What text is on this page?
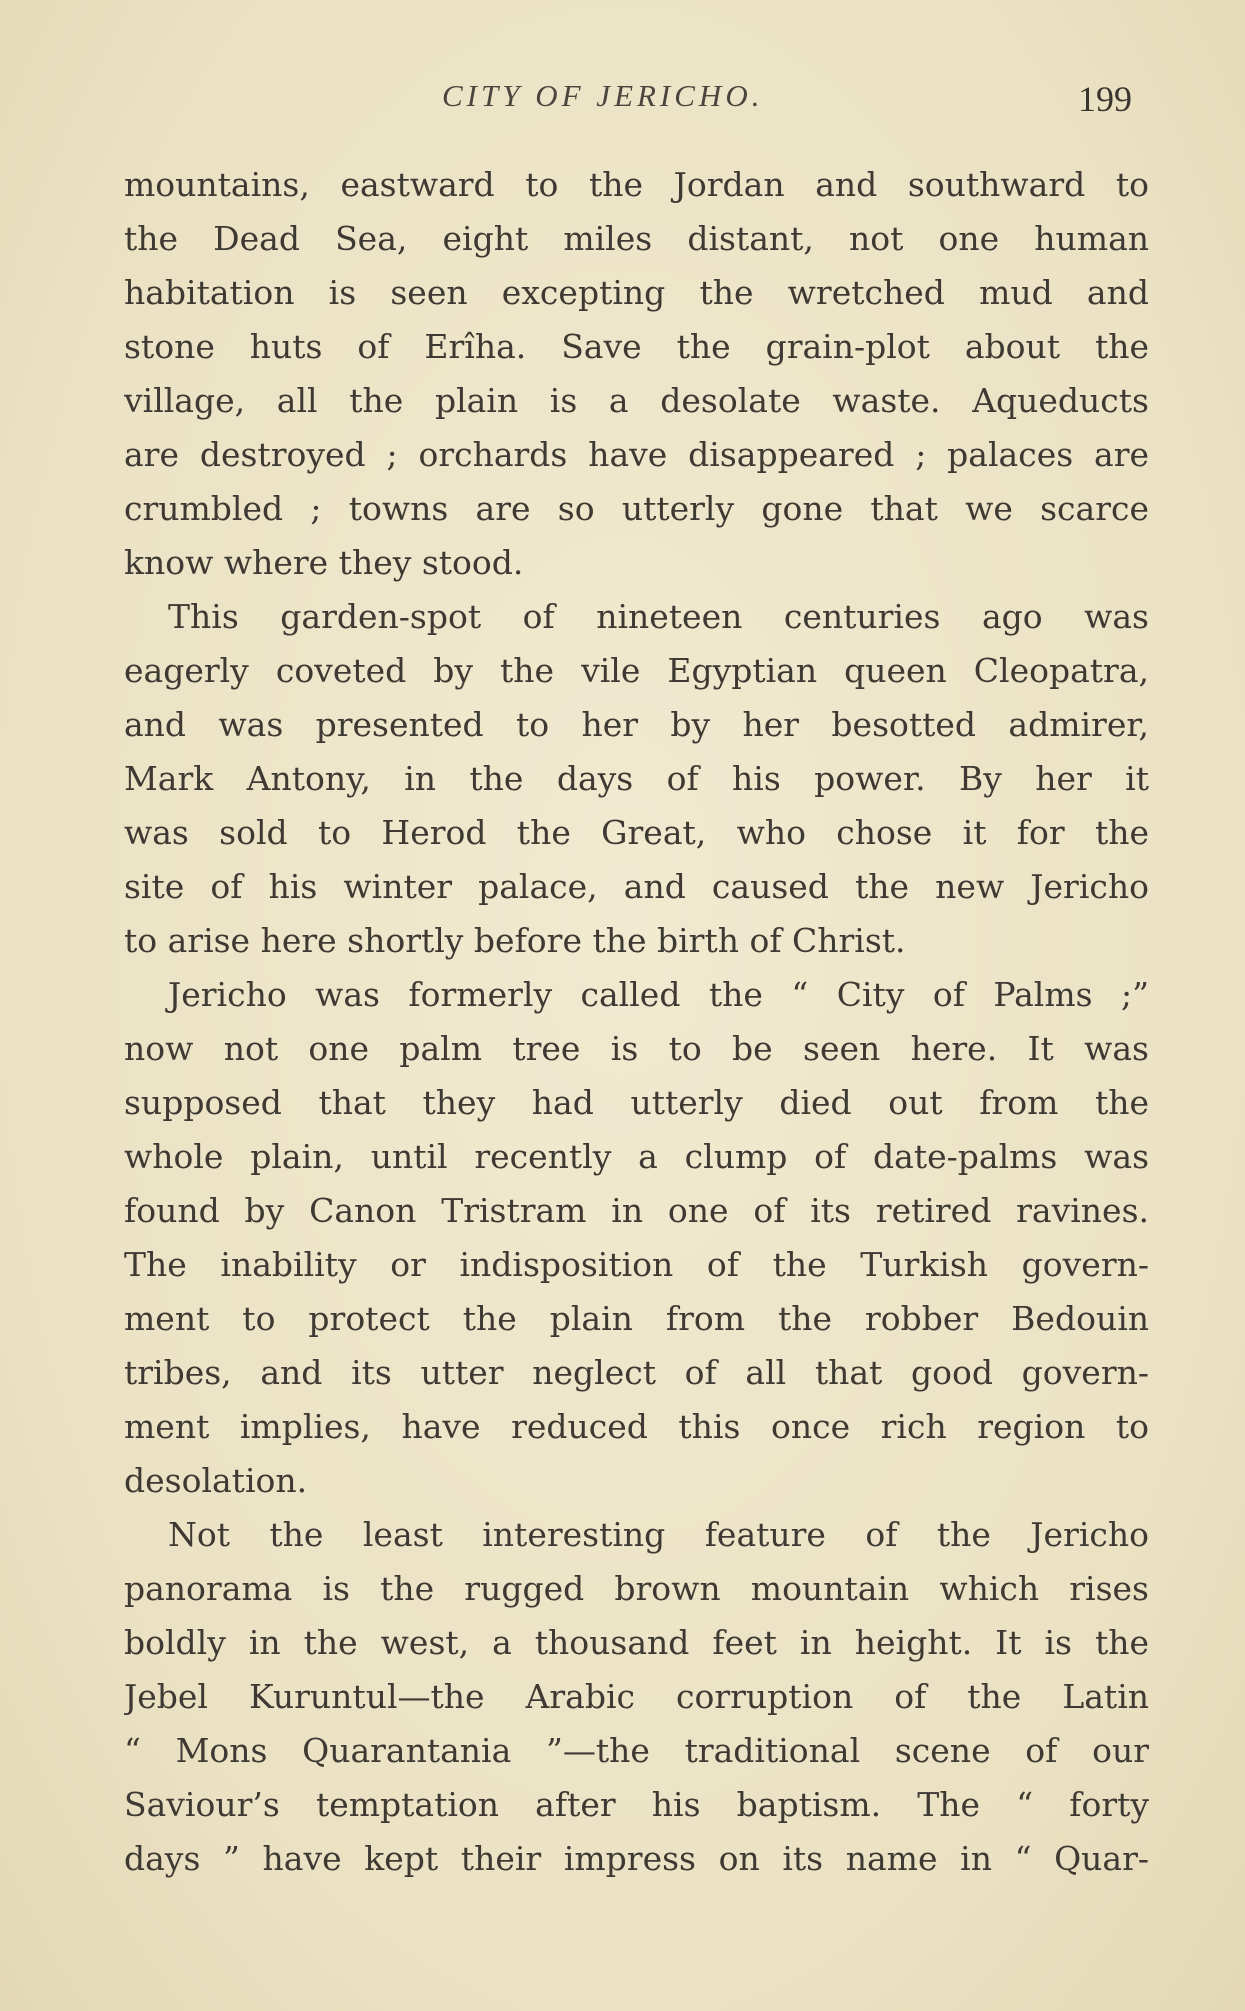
CITY OF JERICHO.	199
mountains, eastward to the Jordan and southward to
the Dead Sea, eight miles distant, not one human
habitation is seen excepting the wretched mud and
stone huts of Erîha. Save the grain-plot about the
village, all the plain is a desolate waste. Aqueducts
are destroyed ; orchards have disappeared ; palaces are
crumbled ; towns are so utterly gone that we scarce
know where they stood.
This garden-spot of nineteen centuries ago was
eagerly coveted by the vile Egyptian queen Cleopatra,
and was presented to her by her besotted admirer,
Mark Antony, in the days of his power. By her it
was sold to Herod the Great, who chose it for the
site of his winter palace, and caused the new Jericho
to arise here shortly before the birth of Christ.
Jericho was formerly called the “ City of Palms ;”
now not one palm tree is to be seen here. It was
supposed that they had utterly died out from the
whole plain, until recently a clump of date-palms was
found by Canon Tristram in one of its retired ravines.
The inability or indisposition of the Turkish govern-
ment to protect the plain from the robber Bedouin
tribes, and its utter neglect of all that good govern-
ment implies, have reduced this once rich region to
desolation.
Not the least interesting feature of the Jericho
panorama is the rugged brown mountain which rises
boldly in the west, a thousand feet in height. It is the
Jebel Kuruntul—the Arabic corruption of the Latin
“ Mons Quarantania ”—the traditional scene of our
Saviour’s temptation after his baptism. The “ forty
days ” have kept their impress on its name in “ Quar-
